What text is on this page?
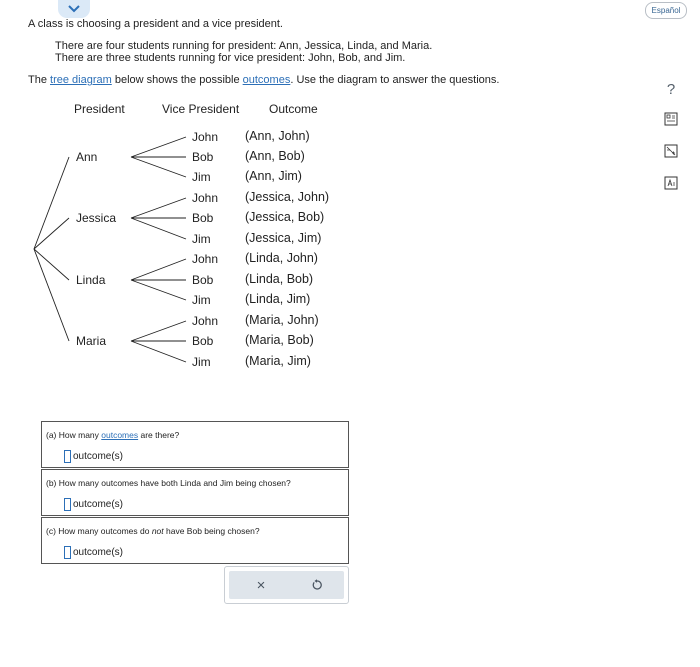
Español
?
A class is choosing a president and a vice president.
There are four students running for president: Ann, Jessica, Linda, and Maria.
There are three students running for vice president: John, Bob, and Jim.
The tree diagram below shows the possible outcomes. Use the diagram to answer the questions.
President	Vice President Outcome
Ann
Jessica
Linda
Maria
John
Bob
Jim
John
Bob
Jim
John
Bob
Jim
John
Bob
Jim
(Ann, John)
(Ann, Bob)
(Ann, Jim)
(Jessica, John)
(Jessica, Bob)
(Jessica, Jim)
(Linda, John)
(Linda, Bob)
(Linda, Jim)
(Maria, John)
(Maria, Bob)
(Maria, Jim)
(a) How many outcomes are there?
outcome(s)
(b) How many outcomes have both Linda and Jim being chosen?
outcome(s)
(c) How many outcomes do not have Bob being chosen?
outcome(s)
×
